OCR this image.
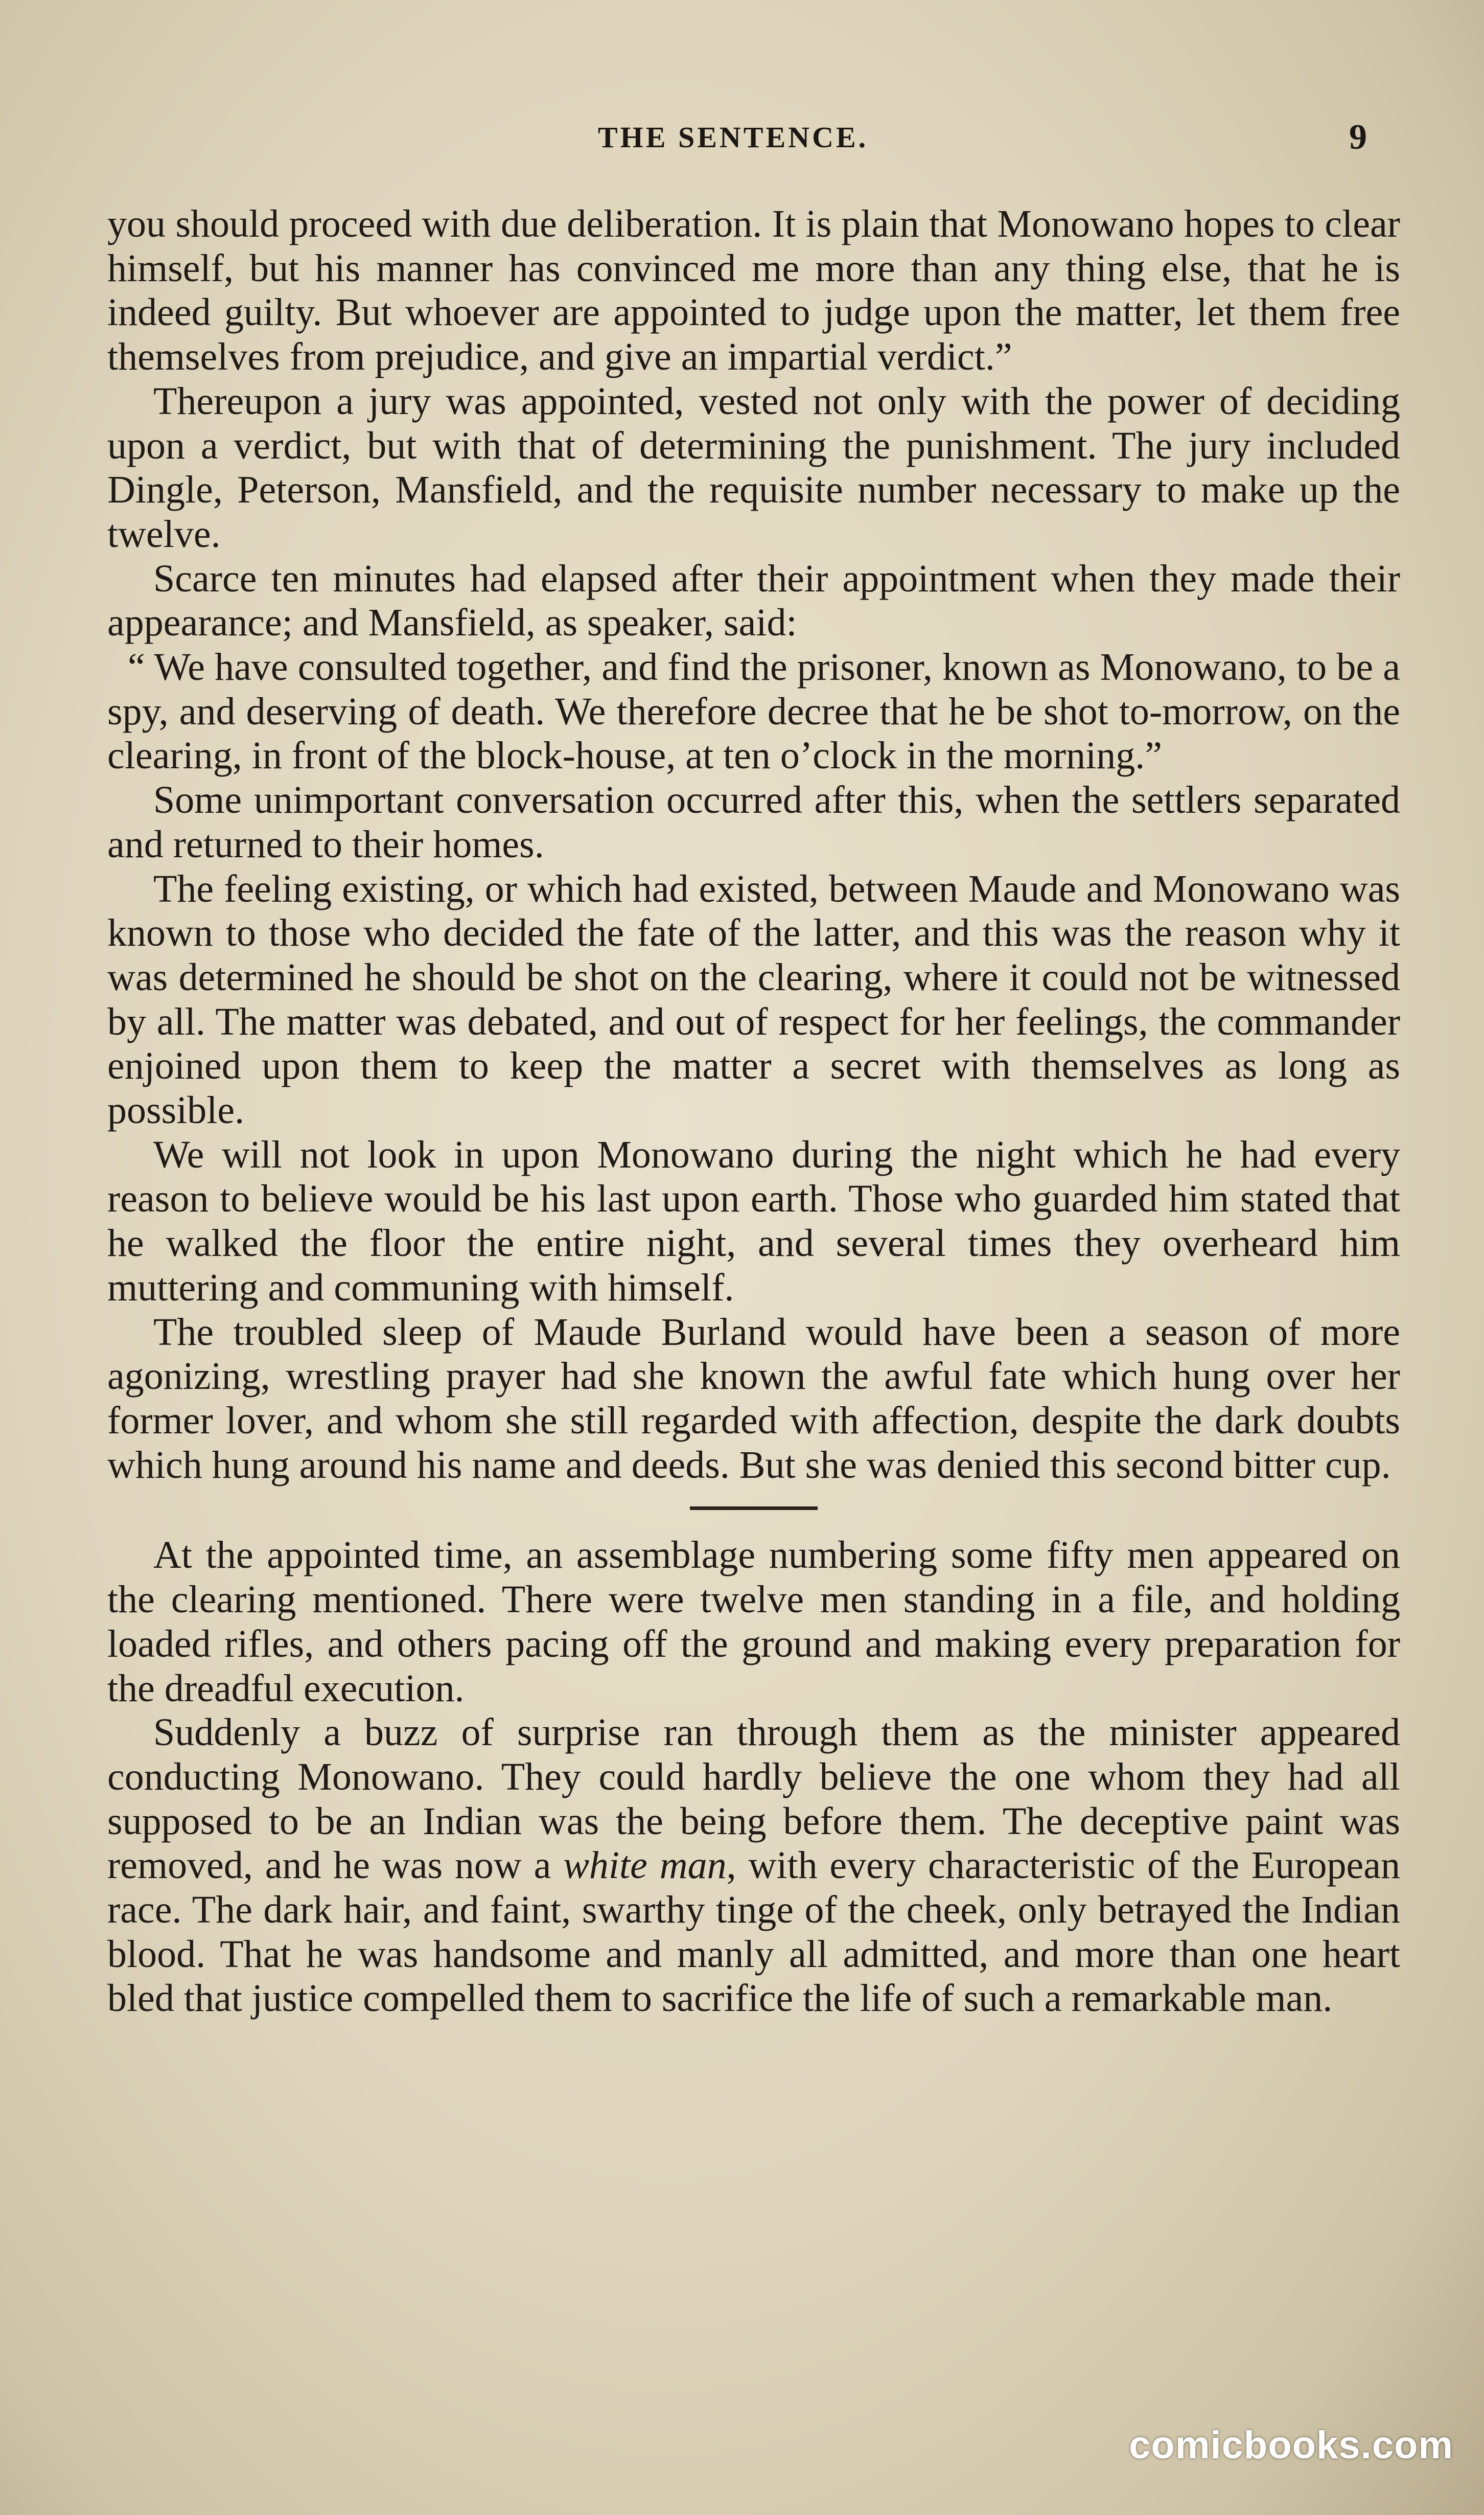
THE SENTENCE.	9

you should proceed with due deliberation. It is plain that Monowano hopes to clear himself, but his manner has convinced me more than any thing else, that he is indeed guilty. But whoever are appointed to judge upon the matter, let them free themselves from prejudice, and give an impartial verdict.”

Thereupon a jury was appointed, vested not only with the power of deciding upon a verdict, but with that of determining the punishment. The jury included Dingle, Peterson, Mansfield, and the requisite number necessary to make up the twelve.

Scarce ten minutes had elapsed after their appointment when they made their appearance; and Mansfield, as speaker, said:

“ We have consulted together, and find the prisoner, known as Monowano, to be a spy, and deserving of death. We therefore decree that he be shot to-morrow, on the clearing, in front of the block-house, at ten o’clock in the morning.”

Some unimportant conversation occurred after this, when the settlers separated and returned to their homes.

The feeling existing, or which had existed, between Maude and Monowano was known to those who decided the fate of the latter, and this was the reason why it was determined he should be shot on the clearing, where it could not be witnessed by all. The matter was debated, and out of respect for her feelings, the commander enjoined upon them to keep the matter a secret with themselves as long as possible.

We will not look in upon Monowano during the night which he had every reason to believe would be his last upon earth. Those who guarded him stated that he walked the floor the entire night, and several times they overheard him muttering and communing with himself.

The troubled sleep of Maude Burland would have been a season of more agonizing, wrestling prayer had she known the awful fate which hung over her former lover, and whom she still regarded with affection, despite the dark doubts which hung around his name and deeds. But she was denied this second bitter cup.

At the appointed time, an assemblage numbering some fifty men appeared on the clearing mentioned. There were twelve men standing in a file, and holding loaded rifles, and others pacing off the ground and making every preparation for the dreadful execution.

Suddenly a buzz of surprise ran through them as the minister appeared conducting Monowano. They could hardly believe the one whom they had all supposed to be an Indian was the being before them. The deceptive paint was removed, and he was now a white man, with every characteristic of the European race. The dark hair, and faint, swarthy tinge of the cheek, only betrayed the Indian blood. That he was handsome and manly all admitted, and more than one heart bled that justice compelled them to sacrifice the life of such a remarkable man.

comicbooks.com
